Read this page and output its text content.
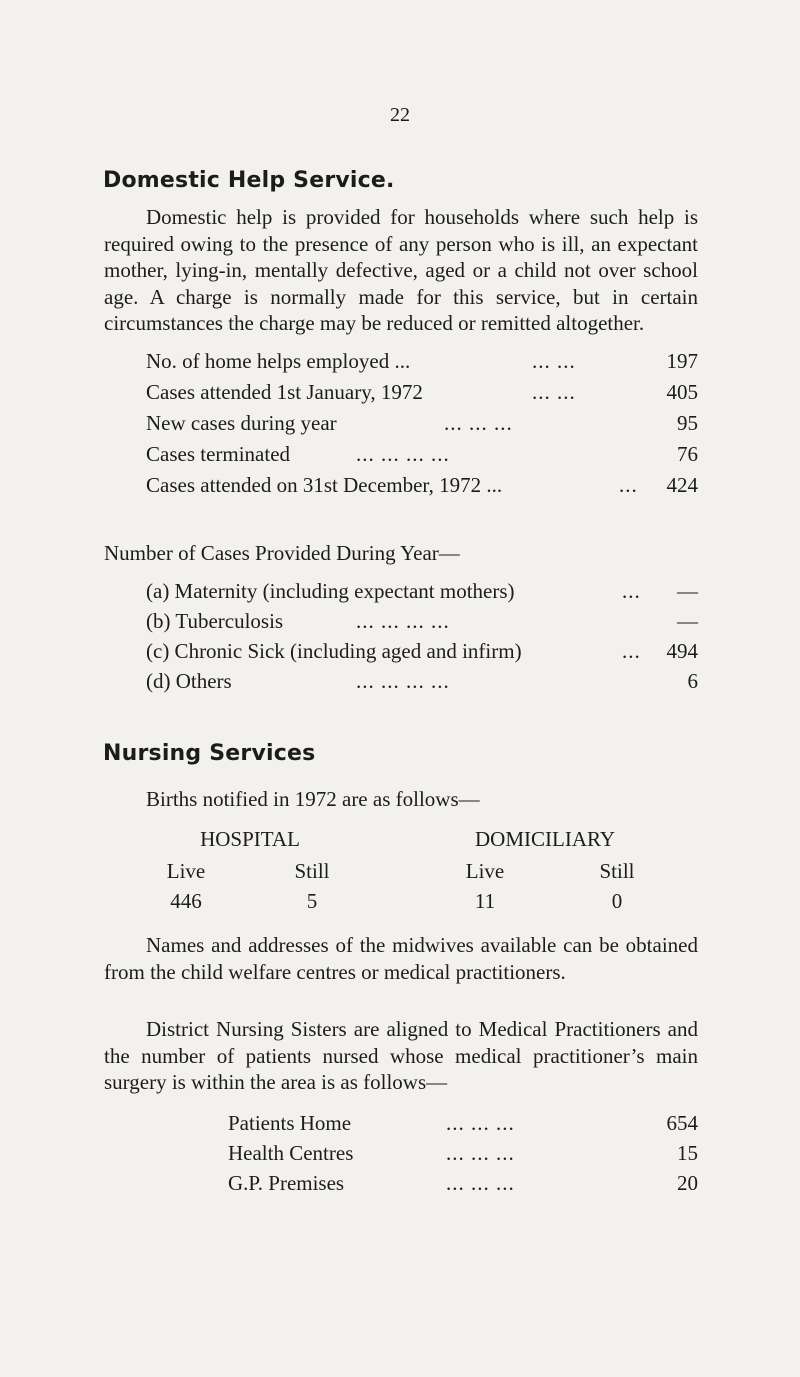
22
Domestic Help Service.

Domestic help is provided for households where such help is required owing to the presence of any person who is ill, an expectant mother, lying-in, mentally defective, aged or a child not over school age. A charge is normally made for this service, but in certain circumstances the charge may be reduced or remitted altogether.

No. of home helps employed ...	... ...	197
Cases attended 1st January, 1972	... ...	405
New cases during year	... ... ...	95
Cases terminated	... ... ... ...	76
Cases attended on 31st December, 1972 ...	... 424
Number of Cases Provided During Year—
(a) Maternity (including expectant mothers)	... —
(b) Tuberculosis	... ... ... ...	—
(c) Chronic Sick (including aged and infirm)	... 494
(d) Others	... ... ... ...	6
Nursing Services
Births notified in 1972 are as follows—
HOSPITAL	DOMICILIARY
Live	Still	Live	Still
446	5	11	0

Names and addresses of the midwives available can be obtained from the child welfare centres or medical practitioners.

District Nursing Sisters are aligned to Medical Practitioners and the number of patients nursed whose medical practitioner’s main surgery is within the area is as follows—

Patients Home	... ... ...	654
Health Centres	... ... ...	15
G.P. Premises	... ... ...	20
